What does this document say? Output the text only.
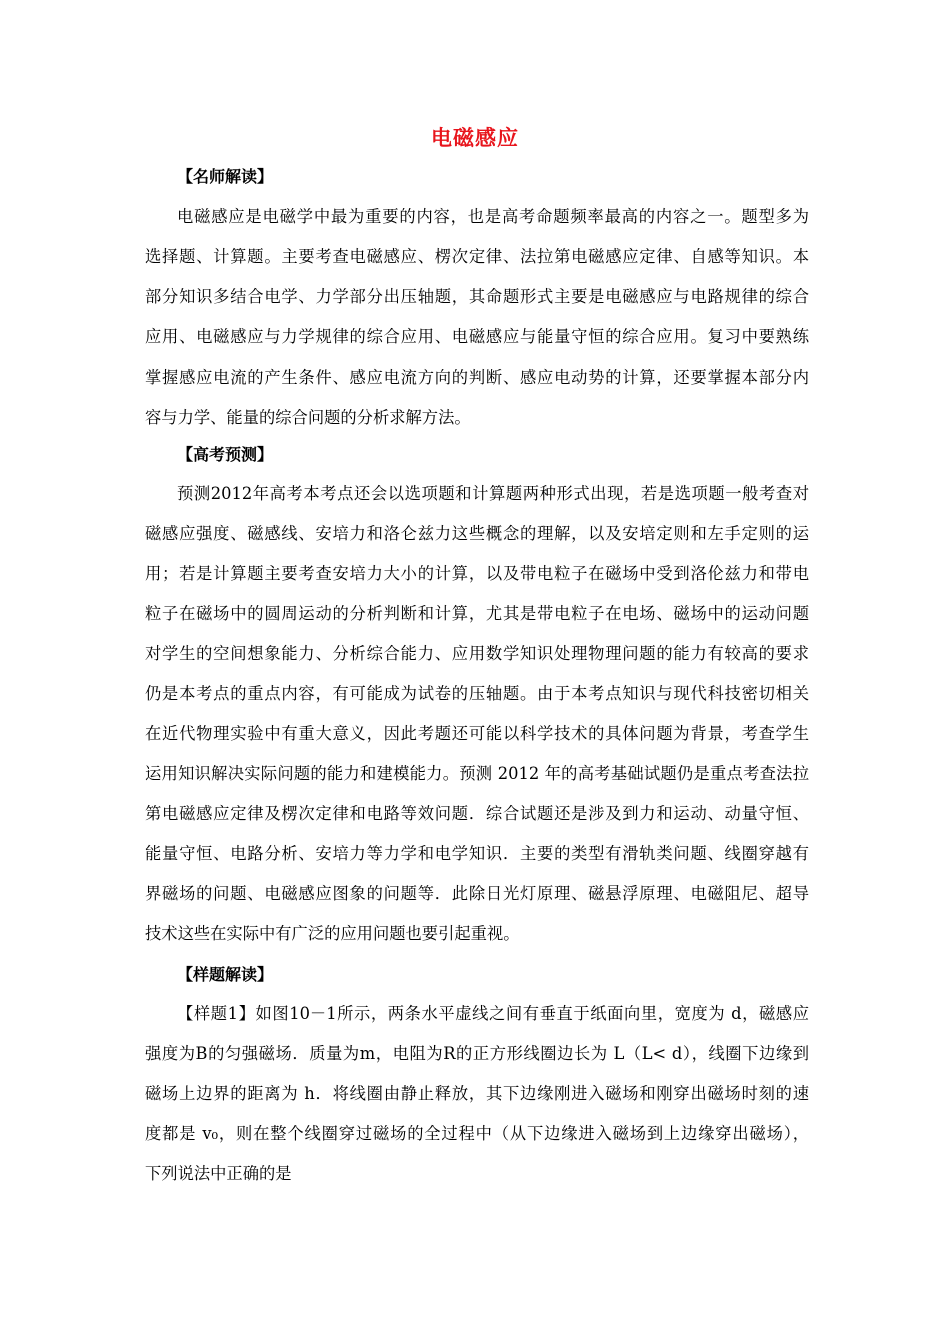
电磁感应
【名师解读】
电磁感应是电磁学中最为重要的内容，也是高考命题频率最高的内容之一。题型多为
选择题、计算题。主要考查电磁感应、楞次定律、法拉第电磁感应定律、自感等知识。本
部分知识多结合电学、力学部分出压轴题，其命题形式主要是电磁感应与电路规律的综合
应用、电磁感应与力学规律的综合应用、电磁感应与能量守恒的综合应用。复习中要熟练
掌握感应电流的产生条件、感应电流方向的判断、感应电动势的计算，还要掌握本部分内
容与力学、能量的综合问题的分析求解方法。
【高考预测】
预测2012年高考本考点还会以选项题和计算题两种形式出现，若是选项题一般考查对
磁感应强度、磁感线、安培力和洛仑兹力这些概念的理解，以及安培定则和左手定则的运
用；若是计算题主要考查安培力大小的计算，以及带电粒子在磁场中受到洛伦兹力和带电
粒子在磁场中的圆周运动的分析判断和计算，尤其是带电粒子在电场、磁场中的运动问题
对学生的空间想象能力、分析综合能力、应用数学知识处理物理问题的能力有较高的要求
仍是本考点的重点内容，有可能成为试卷的压轴题。由于本考点知识与现代科技密切相关
在近代物理实验中有重大意义，因此考题还可能以科学技术的具体问题为背景，考查学生
运用知识解决实际问题的能力和建模能力。预测 2012 年的高考基础试题仍是重点考查法拉
第电磁感应定律及楞次定律和电路等效问题．综合试题还是涉及到力和运动、动量守恒、
能量守恒、电路分析、安培力等力学和电学知识．主要的类型有滑轨类问题、线圈穿越有
界磁场的问题、电磁感应图象的问题等．此除日光灯原理、磁悬浮原理、电磁阻尼、超导
技术这些在实际中有广泛的应用问题也要引起重视。
【样题解读】
【样题1】如图10－1所示，两条水平虚线之间有垂直于纸面向里，宽度为 d，磁感应
强度为B的匀强磁场．质量为m，电阻为R的正方形线圈边长为 L（L< d），线圈下边缘到
磁场上边界的距离为 h．将线圈由静止释放，其下边缘刚进入磁场和刚穿出磁场时刻的速
度都是 v₀，则在整个线圈穿过磁场的全过程中（从下边缘进入磁场到上边缘穿出磁场），
下列说法中正确的是
